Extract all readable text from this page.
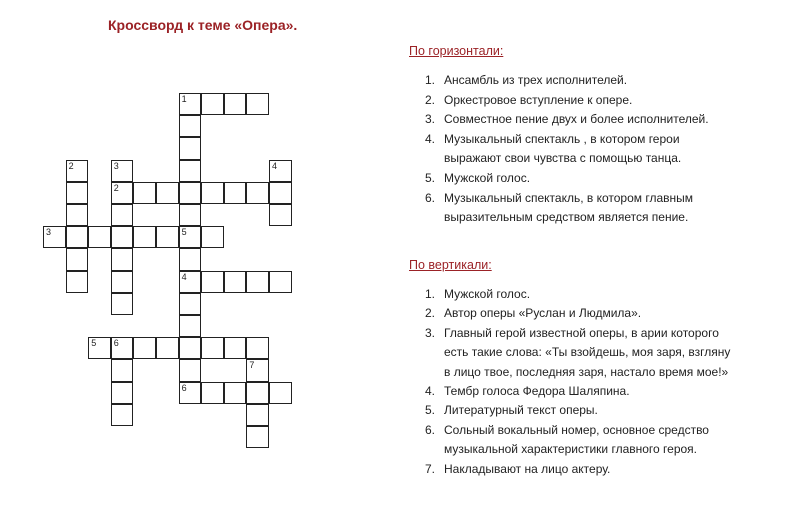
Кроссворд к теме «Опера».
1
2
2	3	4
3	5
4
5 6
7
6
По горизонтали:
1. Ансамбль из трех исполнителей.
2. Оркестровое вступление к опере.
3. Совместное пение двух и более исполнителей.
4. Музыкальный спектакль , в котором герои
выражают свои чувства с помощью танца.
5. Мужской голос.
6. Музыкальный спектакль, в котором главным
выразительным средством является пение.
По вертикали:
1. Мужской голос.
2. Автор оперы «Руслан и Людмила».
3. Главный герой известной оперы, в арии которого
есть такие слова: «Ты взойдешь, моя заря, взгляну
в лицо твое, последняя заря, настало время мое!»
4. Тембр голоса Федора Шаляпина.
5. Литературный текст оперы.
6. Сольный вокальный номер, основное средство
музыкальной характеристики главного героя.
7. Накладывают на лицо актеру.
